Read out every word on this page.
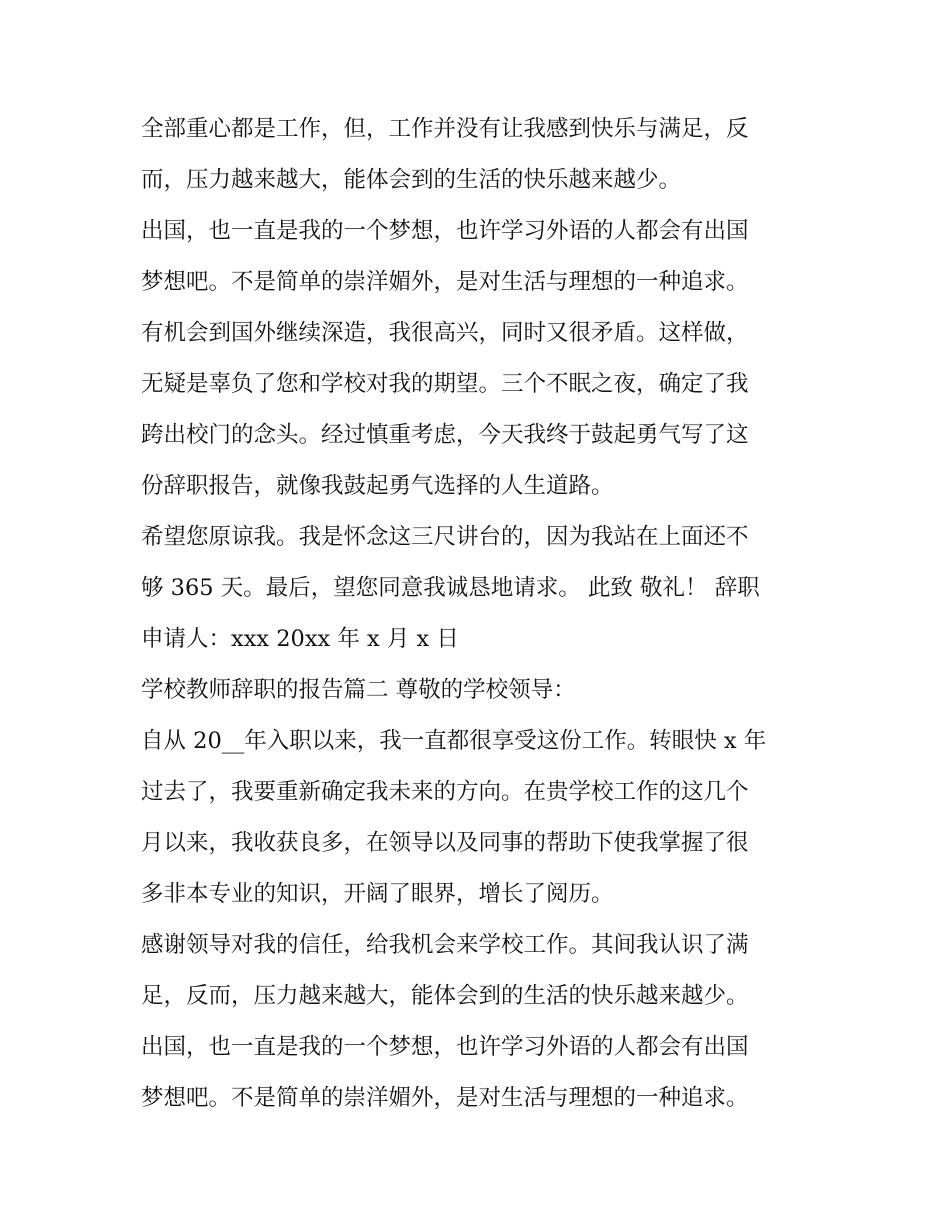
全部重心都是工作，但，工作并没有让我感到快乐与满足，反
而，压力越来越大，能体会到的生活的快乐越来越少。
出国，也一直是我的一个梦想，也许学习外语的人都会有出国
梦想吧。不是简单的崇洋媚外，是对生活与理想的一种追求。
有机会到国外继续深造，我很高兴，同时又很矛盾。这样做，
无疑是辜负了您和学校对我的期望。三个不眠之夜，确定了我
跨出校门的念头。经过慎重考虑，今天我终于鼓起勇气写了这
份辞职报告，就像我鼓起勇气选择的人生道路。
希望您原谅我。我是怀念这三尺讲台的，因为我站在上面还不
够 365 天。最后，望您同意我诚恳地请求。 此致 敬礼！ 辞职
申请人：xxx 20xx 年 x 月 x 日
学校教师辞职的报告篇二 尊敬的学校领导：
自从 20__年入职以来，我一直都很享受这份工作。转眼快 x 年
过去了，我要重新确定我未来的方向。在贵学校工作的这几个
月以来，我收获良多，在领导以及同事的帮助下使我掌握了很
多非本专业的知识，开阔了眼界，增长了阅历。
感谢领导对我的信任，给我机会来学校工作。其间我认识了满
足，反而，压力越来越大，能体会到的生活的快乐越来越少。
出国，也一直是我的一个梦想，也许学习外语的人都会有出国
梦想吧。不是简单的崇洋媚外，是对生活与理想的一种追求。
